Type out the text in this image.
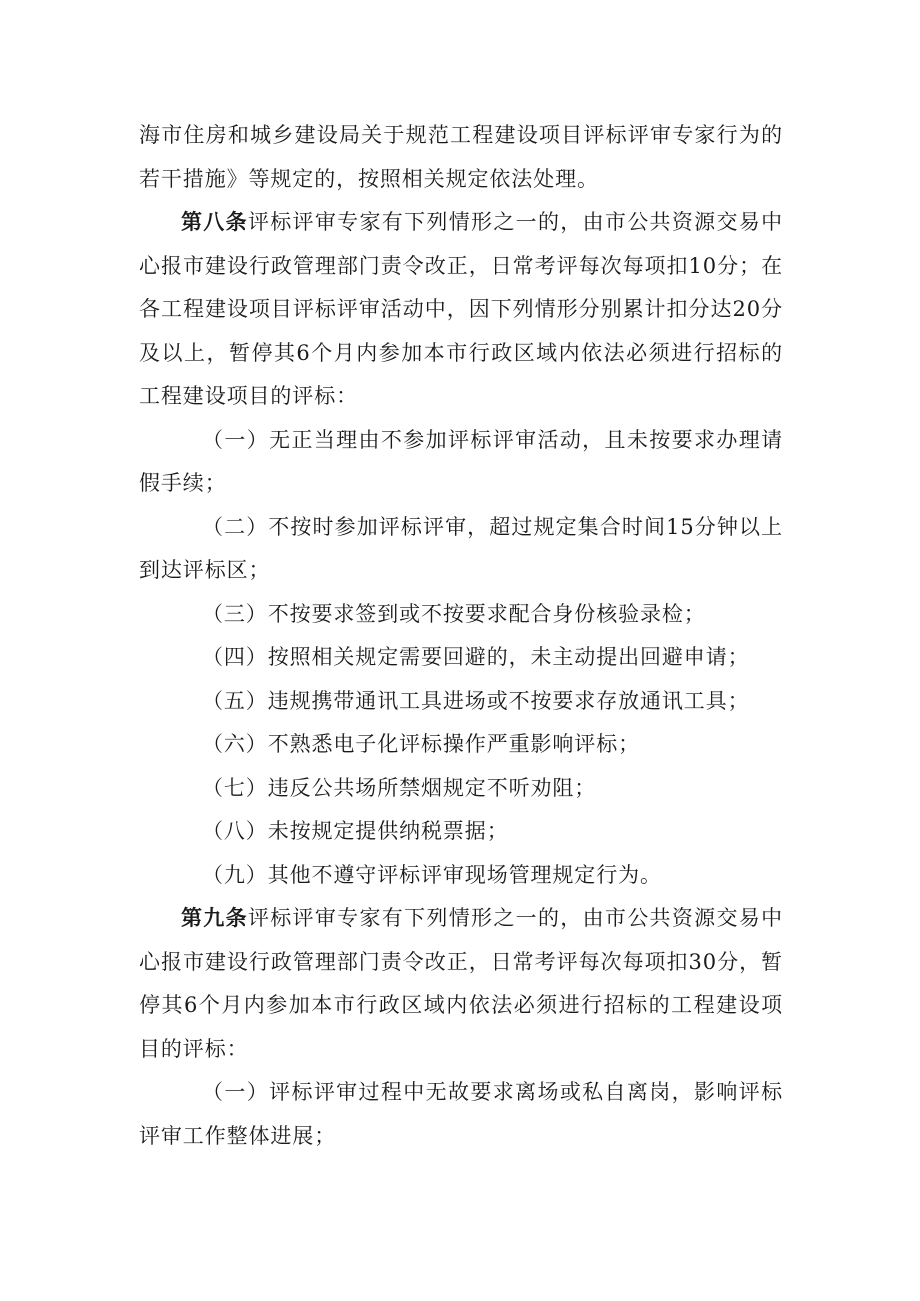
海市住房和城乡建设局关于规范工程建设项目评标评审专家行为的若干措施》等规定的，按照相关规定依法处理。

第八条评标评审专家有下列情形之一的，由市公共资源交易中心报市建设行政管理部门责令改正，日常考评每次每项扣10分；在各工程建设项目评标评审活动中，因下列情形分别累计扣分达20分及以上，暂停其6个月内参加本市行政区域内依法必须进行招标的工程建设项目的评标：

（一）无正当理由不参加评标评审活动，且未按要求办理请假手续；

（二）不按时参加评标评审，超过规定集合时间15分钟以上到达评标区；

（三）不按要求签到或不按要求配合身份核验录检；

（四）按照相关规定需要回避的，未主动提出回避申请；

（五）违规携带通讯工具进场或不按要求存放通讯工具；

（六）不熟悉电子化评标操作严重影响评标；

（七）违反公共场所禁烟规定不听劝阻；

（八）未按规定提供纳税票据；

（九）其他不遵守评标评审现场管理规定行为。

第九条评标评审专家有下列情形之一的，由市公共资源交易中心报市建设行政管理部门责令改正，日常考评每次每项扣30分，暂停其6个月内参加本市行政区域内依法必须进行招标的工程建设项目的评标：

（一）评标评审过程中无故要求离场或私自离岗，影响评标评审工作整体进展；
